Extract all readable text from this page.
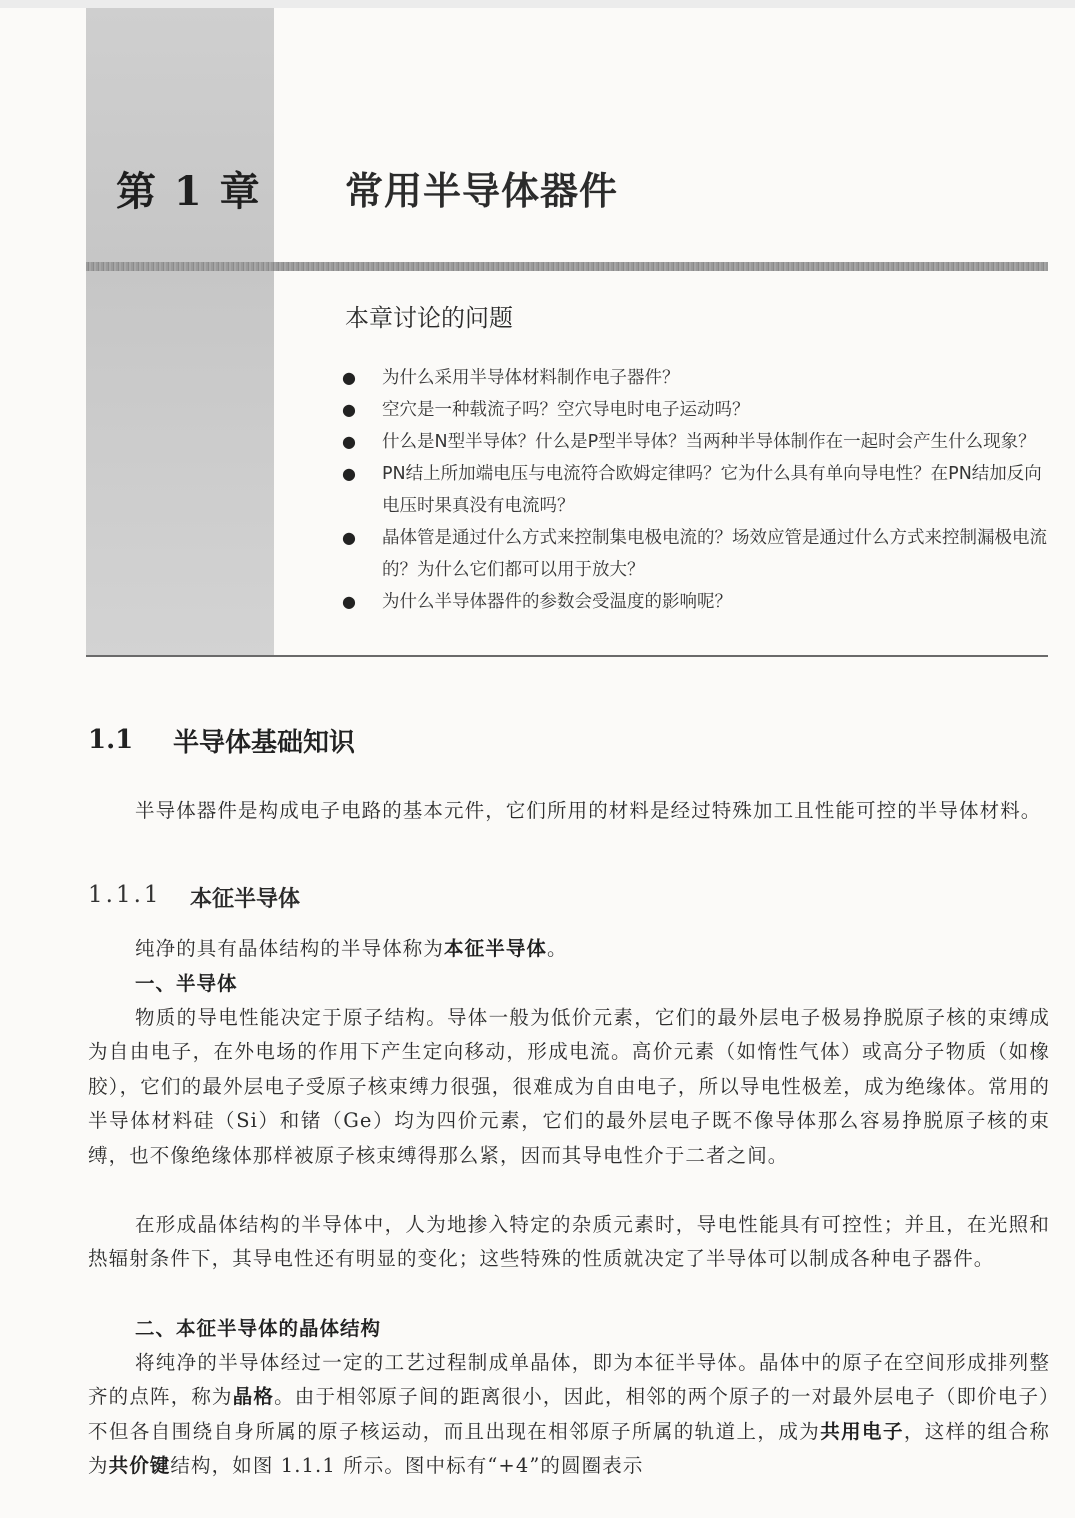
第 1 章 常用半导体器件
本章讨论的问题
● 为什么采用半导体材料制作电子器件？
● 空穴是一种载流子吗？空穴导电时电子运动吗？
● 什么是N型半导体？什么是P型半导体？当两种半导体制作在一起时会产生什么现象？
● PN结上所加端电压与电流符合欧姆定律吗？它为什么具有单向导电性？在PN结加反向电压时果真没有电流吗？
● 晶体管是通过什么方式来控制集电极电流的？场效应管是通过什么方式来控制漏极电流的？为什么它们都可以用于放大？
● 为什么半导体器件的参数会受温度的影响呢？
1.1 半导体基础知识

半导体器件是构成电子电路的基本元件，它们所用的材料是经过特殊加工且性能可控的半导体材料。

1.1.1 本征半导体

纯净的具有晶体结构的半导体称为本征半导体。

一、半导体

物质的导电性能决定于原子结构。导体一般为低价元素，它们的最外层电子极易挣脱原子核的束缚成为自由电子，在外电场的作用下产生定向移动，形成电流。高价元素（如惰性气体）或高分子物质（如橡胶），它们的最外层电子受原子核束缚力很强，很难成为自由电子，所以导电性极差，成为绝缘体。常用的半导体材料硅（Si）和锗（Ge）均为四价元素，它们的最外层电子既不像导体那么容易挣脱原子核的束缚，也不像绝缘体那样被原子核束缚得那么紧，因而其导电性介于二者之间。

在形成晶体结构的半导体中，人为地掺入特定的杂质元素时，导电性能具有可控性；并且，在光照和热辐射条件下，其导电性还有明显的变化；这些特殊的性质就决定了半导体可以制成各种电子器件。

二、本征半导体的晶体结构

将纯净的半导体经过一定的工艺过程制成单晶体，即为本征半导体。晶体中的原子在空间形成排列整齐的点阵，称为晶格。由于相邻原子间的距离很小，因此，相邻的两个原子的一对最外层电子（即价电子）不但各自围绕自身所属的原子核运动，而且出现在相邻原子所属的轨道上，成为共用电子，这样的组合称为共价键结构，如图 1.1.1 所示。图中标有“+4”的圆圈表示
